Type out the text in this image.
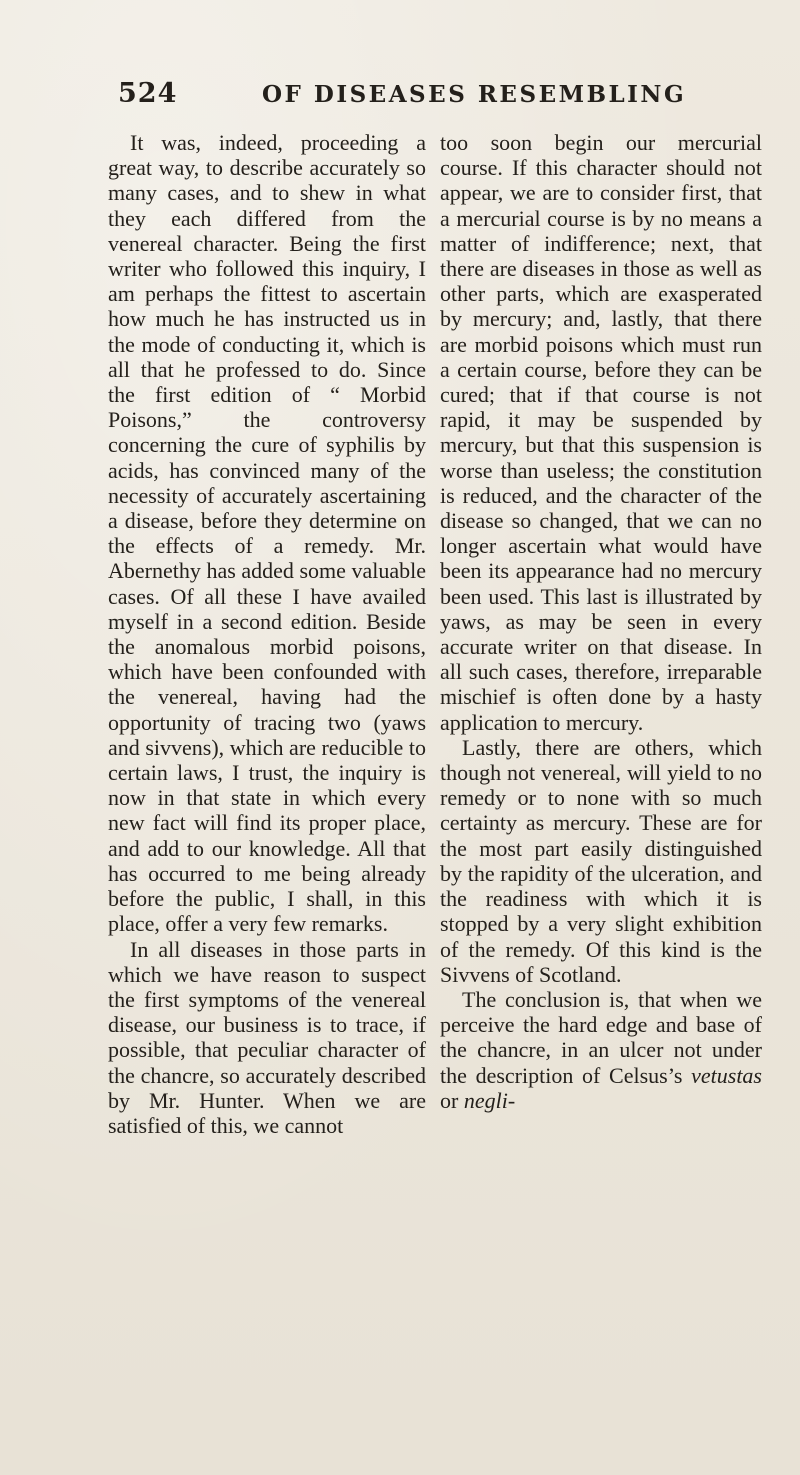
524	OF DISEASES RESEMBLING

It was, indeed, proceeding a great way, to describe accurately so many cases, and to shew in what they each differed from the venereal character. Being the first writer who followed this inquiry, I am perhaps the fittest to ascertain how much he has instructed us in the mode of conducting it, which is all that he professed to do. Since the first edition of “ Morbid Poisons,” the controversy concerning the cure of syphilis by acids, has convinced many of the necessity of accurately ascertaining a disease, before they determine on the effects of a remedy. Mr. Abernethy has added some valuable cases. Of all these I have availed myself in a second edition. Beside the anomalous morbid poisons, which have been confounded with the venereal, having had the opportunity of tracing two (yaws and sivvens), which are reducible to certain laws, I trust, the inquiry is now in that state in which every new fact will find its proper place, and add to our knowledge. All that has occurred to me being already before the public, I shall, in this place, offer a very few remarks.

In all diseases in those parts in which we have reason to suspect the first symptoms of the venereal disease, our business is to trace, if possible, that peculiar character of the chancre, so accurately described by Mr. Hunter. When we are satisfied of this, we cannot

too soon begin our mercurial course. If this character should not appear, we are to consider first, that a mercurial course is by no means a matter of indifference; next, that there are diseases in those as well as other parts, which are exasperated by mercury; and, lastly, that there are morbid poisons which must run a certain course, before they can be cured; that if that course is not rapid, it may be suspended by mercury, but that this suspension is worse than useless; the constitution is reduced, and the character of the disease so changed, that we can no longer ascertain what would have been its appearance had no mercury been used. This last is illustrated by yaws, as may be seen in every accurate writer on that disease. In all such cases, therefore, irreparable mischief is often done by a hasty application to mercury.

Lastly, there are others, which though not venereal, will yield to no remedy or to none with so much certainty as mercury. These are for the most part easily distinguished by the rapidity of the ulceration, and the readiness with which it is stopped by a very slight exhibition of the remedy. Of this kind is the Sivvens of Scotland.

The conclusion is, that when we perceive the hard edge and base of the chancre, in an ulcer not under the description of Celsus’s vetustas or negli-
